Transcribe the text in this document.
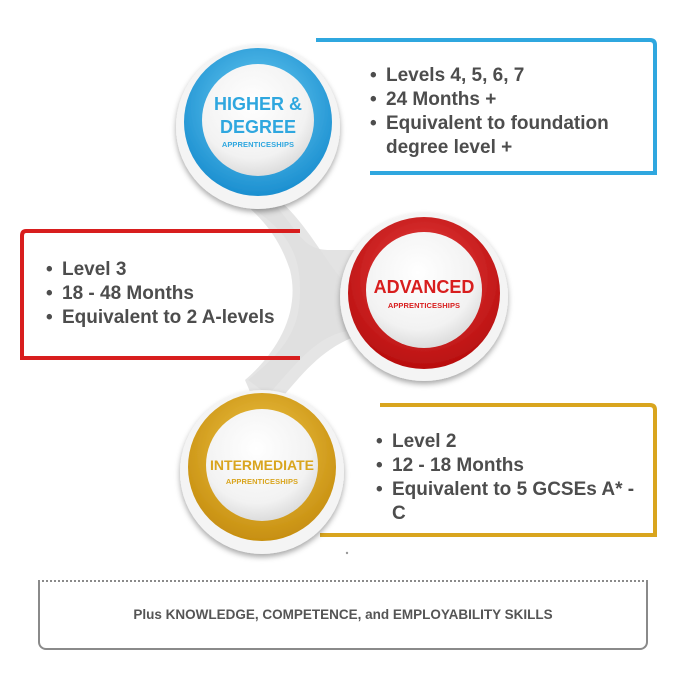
HIGHER &
DEGREE
APPRENTICESHIPS
• Levels 4, 5, 6, 7
• 24 Months +
• Equivalent to foundation degree level +
ADVANCED
APPRENTICESHIPS
• Level 3
• 18 - 48 Months
• Equivalent to 2 A-levels
INTERMEDIATE
APPRENTICESHIPS
• Level 2
• 12 - 18 Months
• Equivalent to 5 GCSEs A* - C
Plus KNOWLEDGE, COMPETENCE, and EMPLOYABILITY SKILLS
